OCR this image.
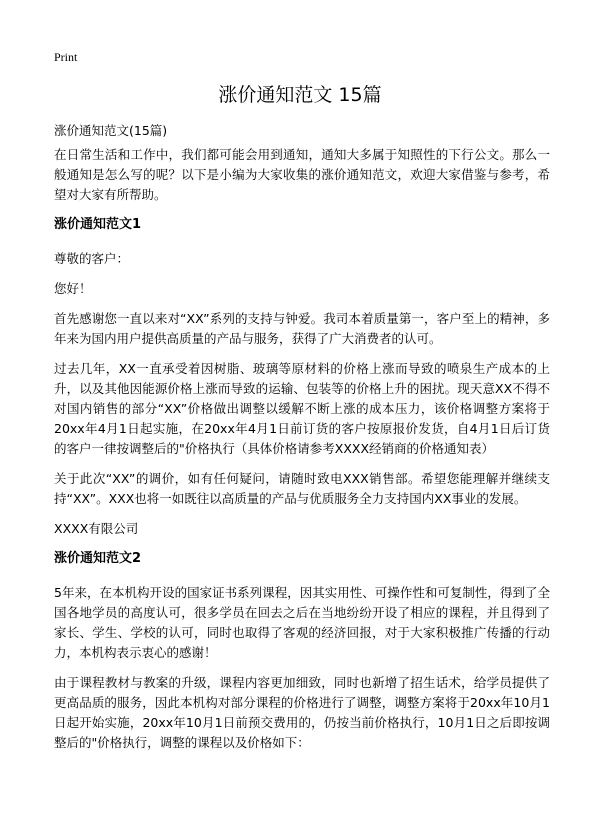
Print
涨价通知范文 15篇
涨价通知范文(15篇)

在日常生活和工作中，我们都可能会用到通知，通知大多属于知照性的下行公文。那么一般通知是怎么写的呢？以下是小编为大家收集的涨价通知范文，欢迎大家借鉴与参考，希望对大家有所帮助。

涨价通知范文1

尊敬的客户：

您好！

首先感谢您一直以来对“XX”系列的支持与钟爱。我司本着质量第一，客户至上的精神，多年来为国内用户提供高质量的产品与服务，获得了广大消费者的认可。

过去几年，XX一直承受着因树脂、玻璃等原材料的价格上涨而导致的喷泉生产成本的上升，以及其他因能源价格上涨而导致的运输、包装等的价格上升的困扰。现天意XX不得不对国内销售的部分“XX”价格做出调整以缓解不断上涨的成本压力，该价格调整方案将于20xx年4月1日起实施，在20xx年4月1日前订货的客户按原报价发货，自4月1日后订货的客户一律按调整后的"价格执行（具体价格请参考XXXX经销商的价格通知表）

关于此次“XX”的调价，如有任何疑问，请随时致电XXX销售部。希望您能理解并继续支持“XX”。XXX也将一如既往以高质量的产品与优质服务全力支持国内XX事业的发展。

XXXX有限公司

涨价通知范文2

5年来，在本机构开设的国家证书系列课程，因其实用性、可操作性和可复制性，得到了全国各地学员的高度认可，很多学员在回去之后在当地纷纷开设了相应的课程，并且得到了家长、学生、学校的认可，同时也取得了客观的经济回报，对于大家积极推广传播的行动力，本机构表示衷心的感谢！

由于课程教材与教案的升级，课程内容更加细致，同时也新增了招生话术，给学员提供了更高品质的服务，因此本机构对部分课程的价格进行了调整，调整方案将于20xx年10月1日起开始实施，20xx年10月1日前预交费用的，仍按当前价格执行，10月1日之后即按调整后的"价格执行，调整的课程以及价格如下：
